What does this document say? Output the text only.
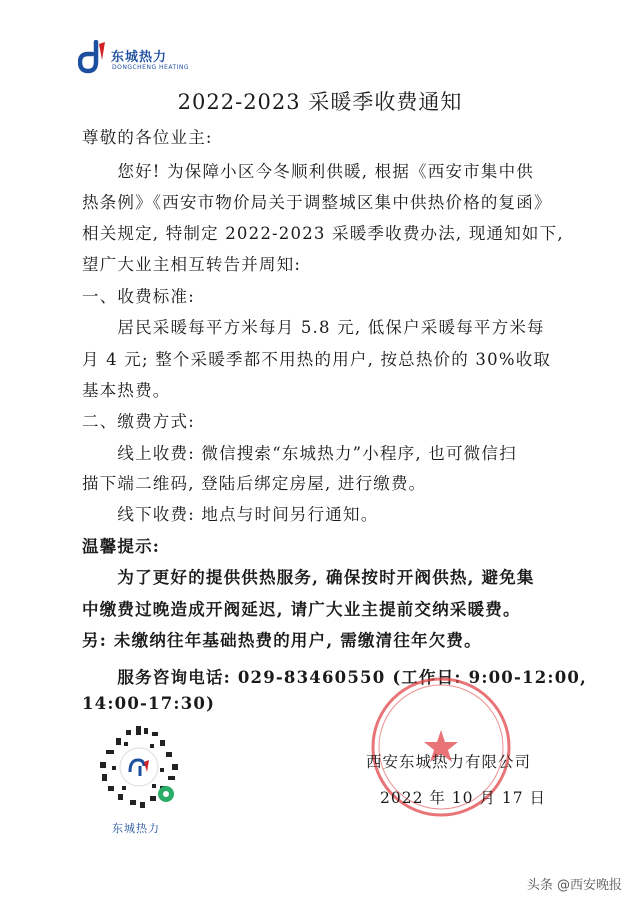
东城热力
DONGCHENG HEATING
2022-2023 采暖季收费通知
尊敬的各位业主:
　　您好! 为保障小区今冬顺利供暖, 根据《西安市集中供
热条例》《西安市物价局关于调整城区集中供热价格的复函》
相关规定, 特制定 2022-2023 采暖季收费办法, 现通知如下,
望广大业主相互转告并周知:
一、收费标准:
　　居民采暖每平方米每月 5.8 元, 低保户采暖每平方米每
月 4 元; 整个采暖季都不用热的用户, 按总热价的 30%收取
基本热费。
二、缴费方式:
　　线上收费: 微信搜索“东城热力”小程序, 也可微信扫
描下端二维码, 登陆后绑定房屋, 进行缴费。
　　线下收费: 地点与时间另行通知。
温馨提示:
　　为了更好的提供供热服务, 确保按时开阀供热, 避免集
中缴费过晚造成开阀延迟, 请广大业主提前交纳采暖费。
另: 未缴纳往年基础热费的用户, 需缴清往年欠费。
　　服务咨询电话: 029-83460550 (工作日: 9:00-12:00,
14:00-17:30)
东城热力
西安东城热力有限公司
2022 年 10 月 17 日
头条 @西安晚报
